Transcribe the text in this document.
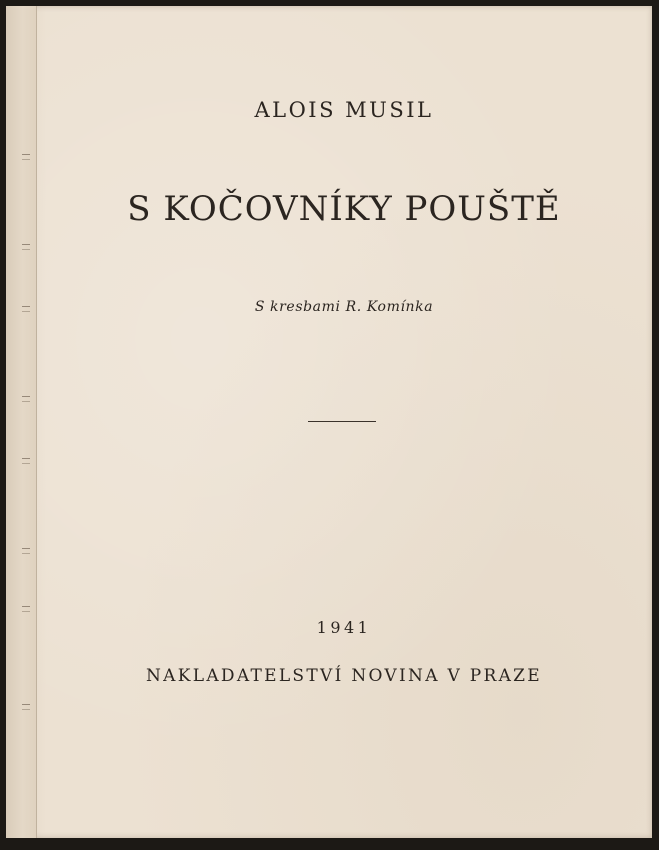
ALOIS MUSIL
S KOČOVNÍKY POUŠTĚ
S kresbami R. Komínka
1941
NAKLADATELSTVÍ NOVINA V PRAZE
